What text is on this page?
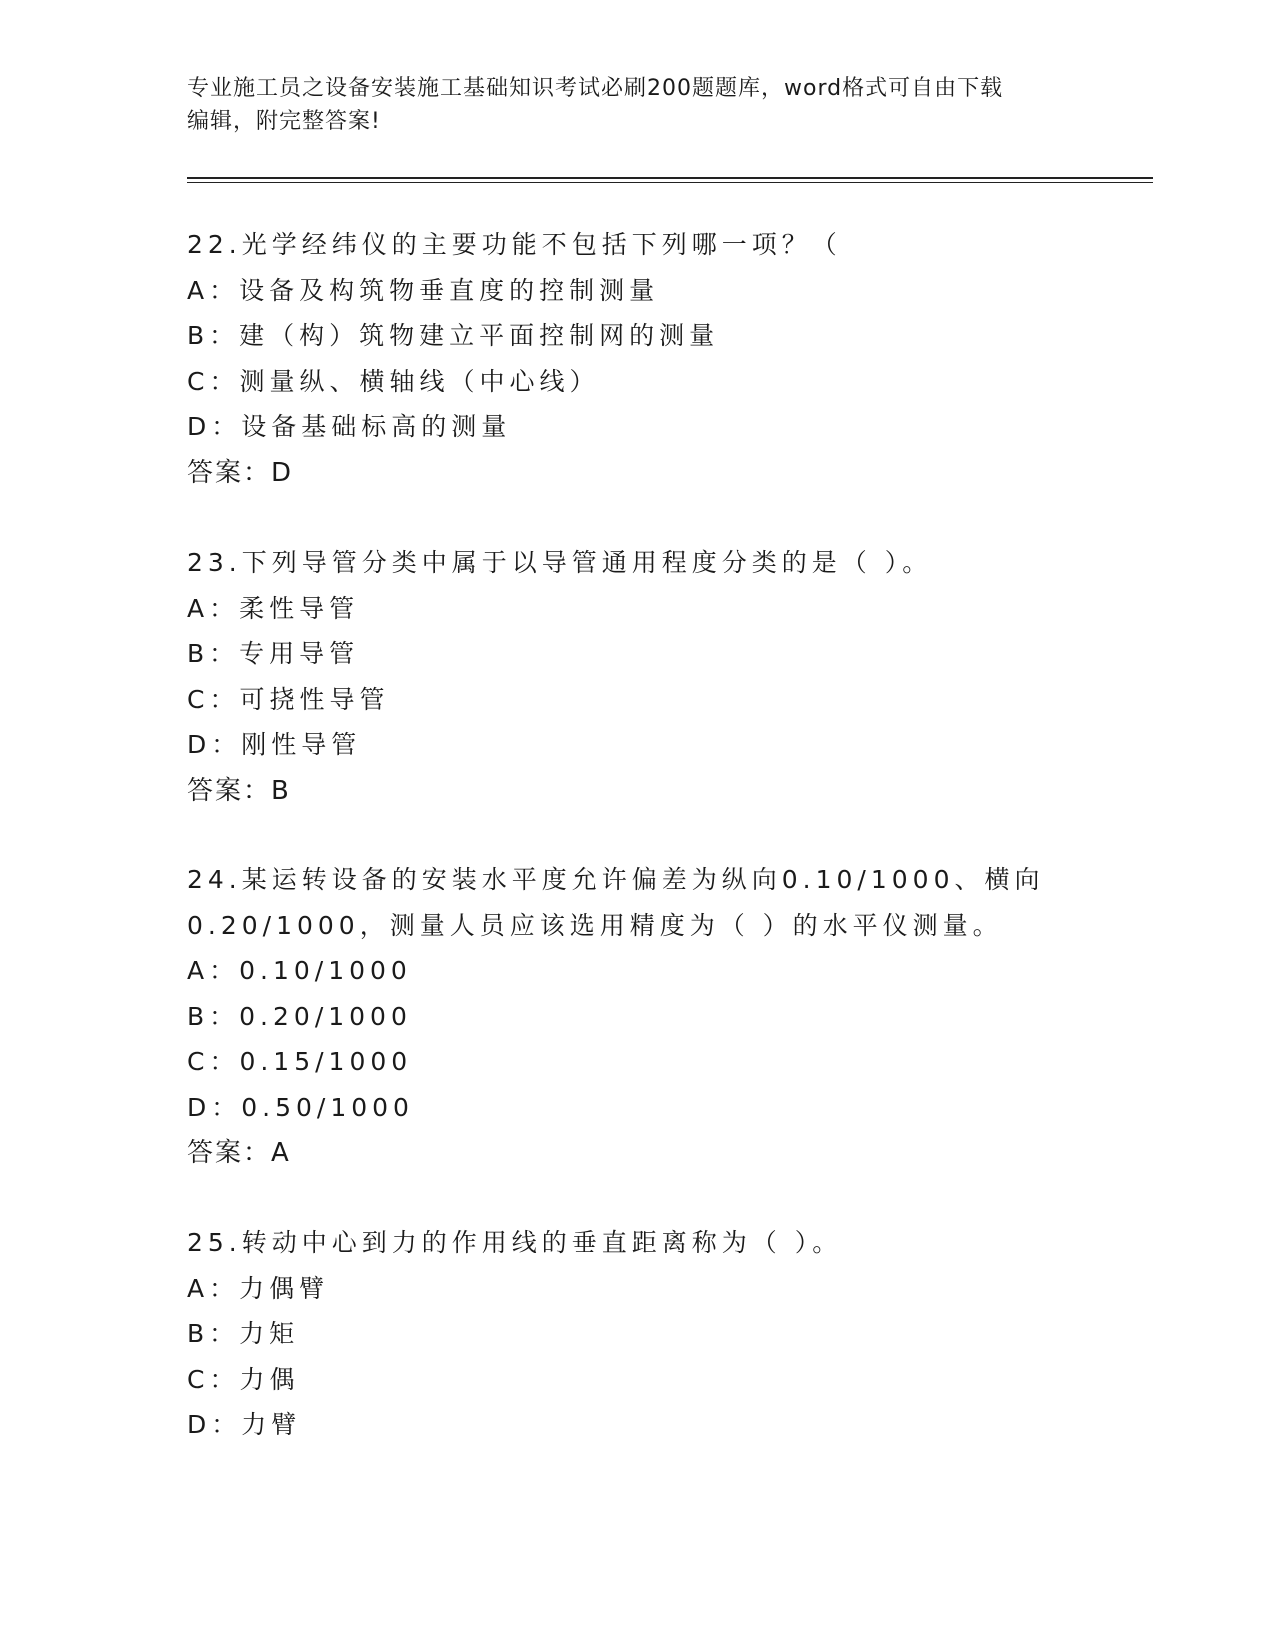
专业施工员之设备安装施工基础知识考试必刷200题题库，word格式可自由下载
编辑，附完整答案!
22.光学经纬仪的主要功能不包括下列哪一项？（
A：设备及构筑物垂直度的控制测量
B：建（构）筑物建立平面控制网的测量
C：测量纵、横轴线（中心线）
D：设备基础标高的测量
答案：D
23.下列导管分类中属于以导管通用程度分类的是（ ）。
A：柔性导管
B：专用导管
C：可挠性导管
D：刚性导管
答案：B
24.某运转设备的安装水平度允许偏差为纵向0.10/1000、横向
0.20/1000，测量人员应该选用精度为（ ）的水平仪测量。
A：0.10/1000
B：0.20/1000
C：0.15/1000
D：0.50/1000
答案：A
25.转动中心到力的作用线的垂直距离称为（ ）。
A：力偶臂
B：力矩
C：力偶
D：力臂
